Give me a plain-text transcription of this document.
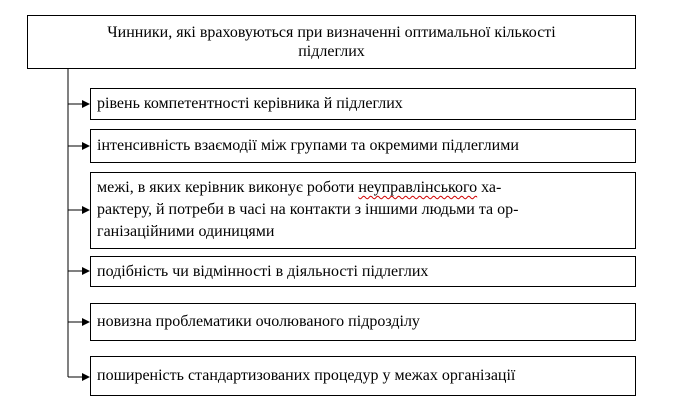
Чинники, які враховуються при визначенні оптимальної кількості
підлеглих
рівень компетентності керівника й підлеглих
інтенсивність взаємодії між групами та окремими підлеглими
межі, в яких керівник виконує роботи неуправлінського ха-
рактеру, й потреби в часі на контакти з іншими людьми та ор-
ганізаційними одиницями
подібність чи відмінності в діяльності підлеглих
новизна проблематики очолюваного підрозділу
поширеність стандартизованих процедур у межах організації
